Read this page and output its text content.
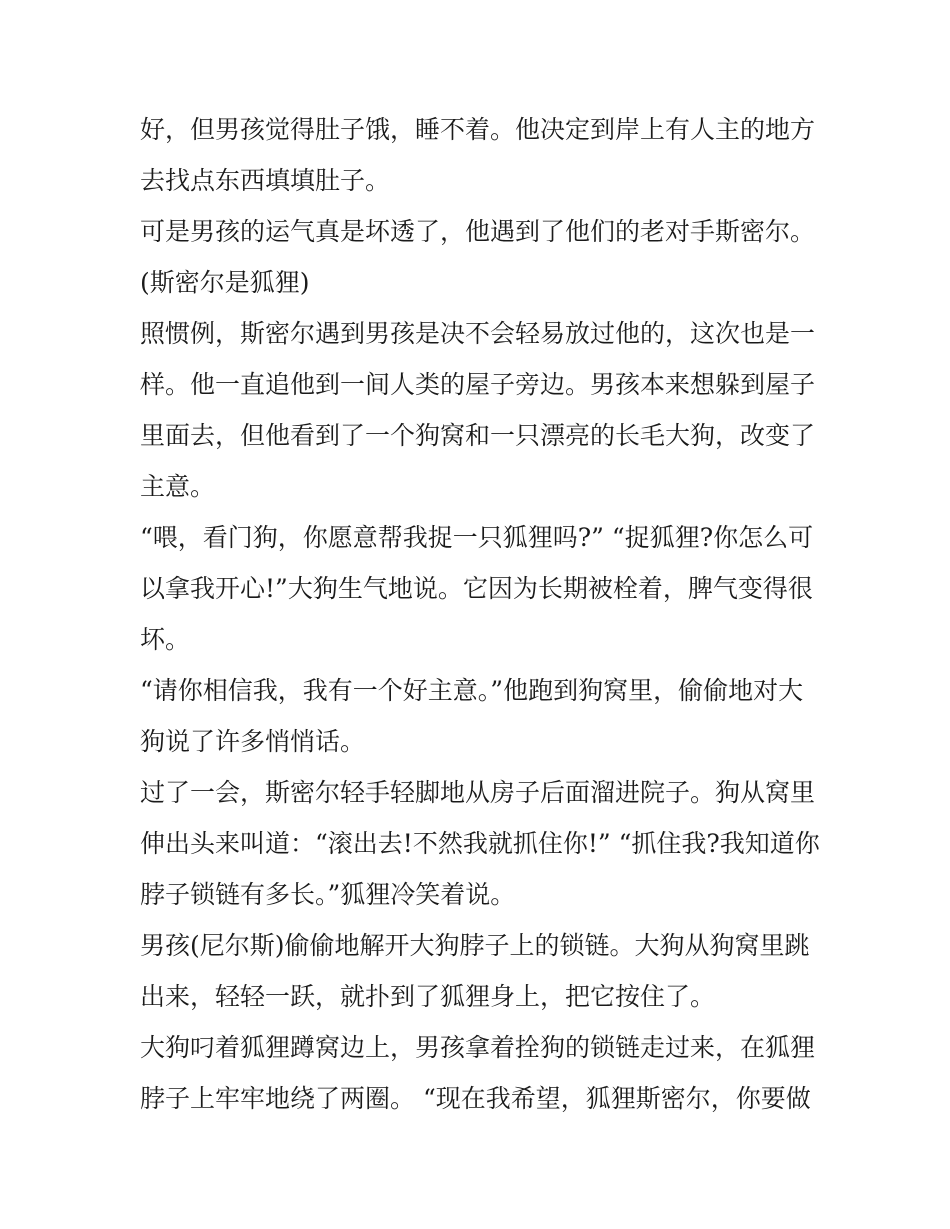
好，但男孩觉得肚子饿，睡不着。他决定到岸上有人主的地方
去找点东西填填肚子。
可是男孩的运气真是坏透了，他遇到了他们的老对手斯密尔。
(斯密尔是狐狸)
照惯例，斯密尔遇到男孩是决不会轻易放过他的，这次也是一
样。他一直追他到一间人类的屋子旁边。男孩本来想躲到屋子
里面去，但他看到了一个狗窝和一只漂亮的长毛大狗，改变了
主意。
“喂，看门狗，你愿意帮我捉一只狐狸吗?” “捉狐狸?你怎么可
以拿我开心!”大狗生气地说。它因为长期被栓着，脾气变得很
坏。
“请你相信我，我有一个好主意。”他跑到狗窝里，偷偷地对大
狗说了许多悄悄话。
过了一会，斯密尔轻手轻脚地从房子后面溜进院子。狗从窝里
伸出头来叫道：“滚出去!不然我就抓住你!” “抓住我?我知道你
脖子锁链有多长。”狐狸冷笑着说。
男孩(尼尔斯)偷偷地解开大狗脖子上的锁链。大狗从狗窝里跳
出来，轻轻一跃，就扑到了狐狸身上，把它按住了。
大狗叼着狐狸蹲窝边上，男孩拿着拴狗的锁链走过来，在狐狸
脖子上牢牢地绕了两圈。 “现在我希望，狐狸斯密尔，你要做
